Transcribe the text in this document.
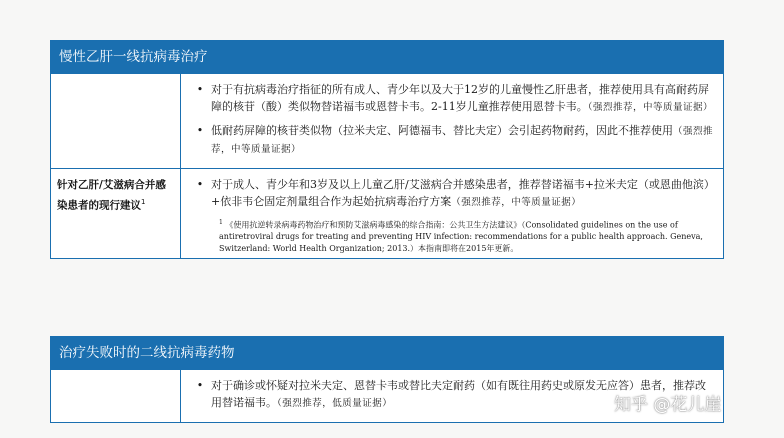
慢性乙肝一线抗病毒治疗
• 对于有抗病毒治疗指征的所有成人、青少年以及大于12岁的儿童慢性乙肝患者，推荐使用具有高耐药屏障的核苷（酸）类似物替诺福韦或恩替卡韦。2-11岁儿童推荐使用恩替卡韦。（强烈推荐，中等质量证据）
• 低耐药屏障的核苷类似物（拉米夫定、阿德福韦、替比夫定）会引起药物耐药，因此不推荐使用（强烈推荐，中等质量证据）
针对乙肝/艾滋病合并感染患者的现行建议$^1$
• 对于成人、青少年和3岁及以上儿童乙肝/艾滋病合并感染患者，推荐替诺福韦+拉米夫定（或恩曲他滨）+依非韦仑固定剂量组合作为起始抗病毒治疗方案（强烈推荐，中等质量证据）
$^1$ 《使用抗逆转录病毒药物治疗和预防艾滋病毒感染的综合指南：公共卫生方法建议》（Consolidated guidelines on the use of antiretroviral drugs for treating and preventing HIV infection: recommendations for a public health approach. Geneva, Switzerland: World Health Organization; 2013.）本指南即将在2015年更新。
治疗失败时的二线抗病毒药物
• 对于确诊或怀疑对拉米夫定、恩替卡韦或替比夫定耐药（如有既往用药史或原发无应答）患者，推荐改用替诺福韦。（强烈推荐，低质量证据）	知乎 @花儿崖
